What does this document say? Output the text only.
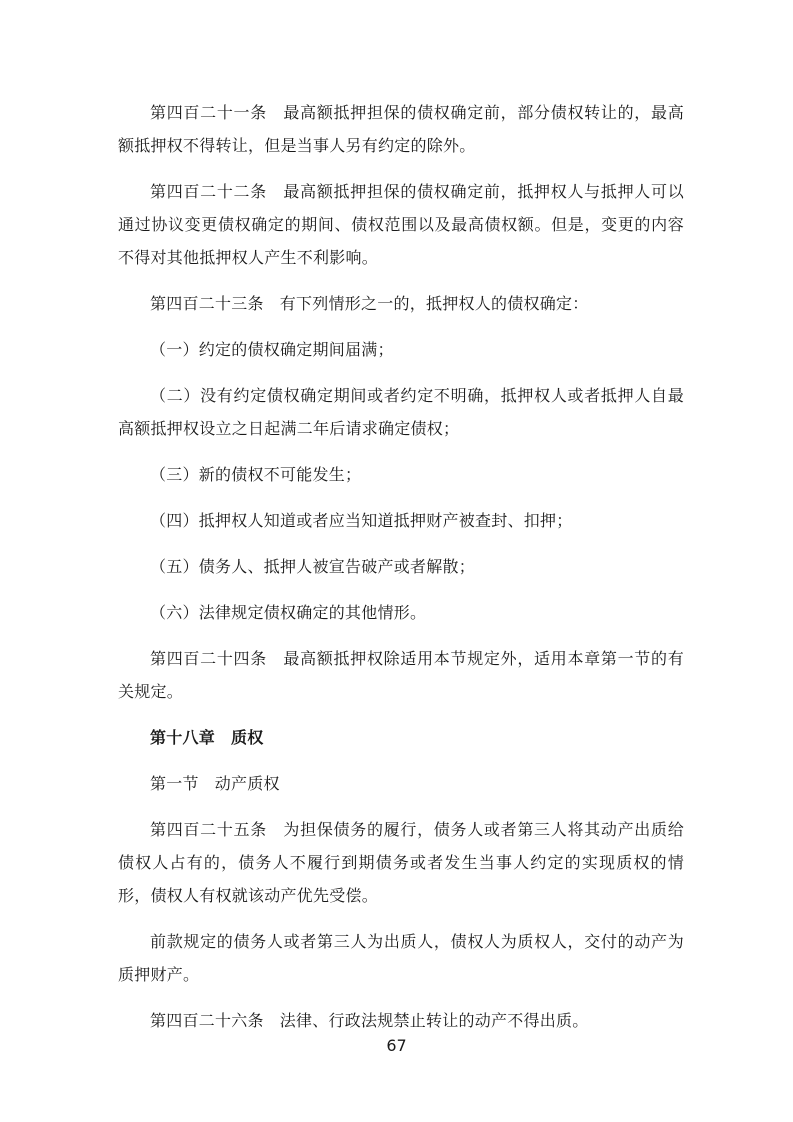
第四百二十一条 最高额抵押担保的债权确定前，部分债权转让的，最高额抵押权不得转让，但是当事人另有约定的除外。

第四百二十二条 最高额抵押担保的债权确定前，抵押权人与抵押人可以通过协议变更债权确定的期间、债权范围以及最高债权额。但是，变更的内容不得对其他抵押权人产生不利影响。

第四百二十三条 有下列情形之一的，抵押权人的债权确定：

（一）约定的债权确定期间届满；

（二）没有约定债权确定期间或者约定不明确，抵押权人或者抵押人自最高额抵押权设立之日起满二年后请求确定债权；

（三）新的债权不可能发生；

（四）抵押权人知道或者应当知道抵押财产被查封、扣押；

（五）债务人、抵押人被宣告破产或者解散；

（六）法律规定债权确定的其他情形。

第四百二十四条 最高额抵押权除适用本节规定外，适用本章第一节的有关规定。

第十八章 质权

第一节 动产质权

第四百二十五条 为担保债务的履行，债务人或者第三人将其动产出质给债权人占有的，债务人不履行到期债务或者发生当事人约定的实现质权的情形，债权人有权就该动产优先受偿。

前款规定的债务人或者第三人为出质人，债权人为质权人，交付的动产为质押财产。

第四百二十六条 法律、行政法规禁止转让的动产不得出质。

67
